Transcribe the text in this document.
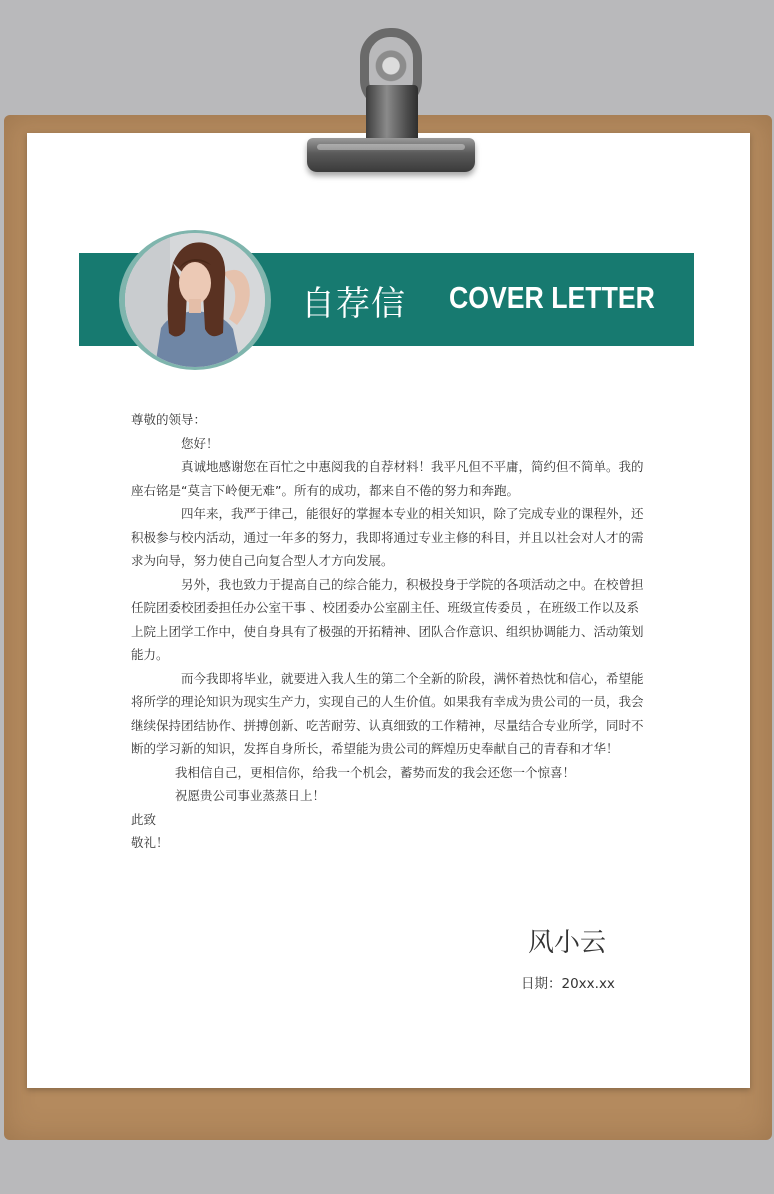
自荐信 COVER LETTER

尊敬的领导：

您好！

真诚地感谢您在百忙之中惠阅我的自荐材料！我平凡但不平庸，简约但不简单。我的座右铭是“莫言下岭便无难”。所有的成功，都来自不倦的努力和奔跑。

四年来，我严于律己，能很好的掌握本专业的相关知识，除了完成专业的课程外，还积极参与校内活动，通过一年多的努力，我即将通过专业主修的科目，并且以社会对人才的需求为向导，努力使自己向复合型人才方向发展。

另外，我也致力于提高自己的综合能力，积极投身于学院的各项活动之中。在校曾担任院团委校团委担任办公室干事 、校团委办公室副主任、班级宣传委员 ，在班级工作以及系上院上团学工作中，使自身具有了极强的开拓精神、团队合作意识、组织协调能力、活动策划能力。

而今我即将毕业，就要进入我人生的第二个全新的阶段，满怀着热忱和信心，希望能将所学的理论知识为现实生产力，实现自己的人生价值。如果我有幸成为贵公司的一员，我会继续保持团结协作、拼搏创新、吃苦耐劳、认真细致的工作精神，尽量结合专业所学，同时不断的学习新的知识，发挥自身所长，希望能为贵公司的辉煌历史奉献自己的青春和才华！

我相信自己，更相信你，给我一个机会，蓄势而发的我会还您一个惊喜！

祝愿贵公司事业蒸蒸日上！

此致

敬礼！

风小云
日期：20xx.xx
